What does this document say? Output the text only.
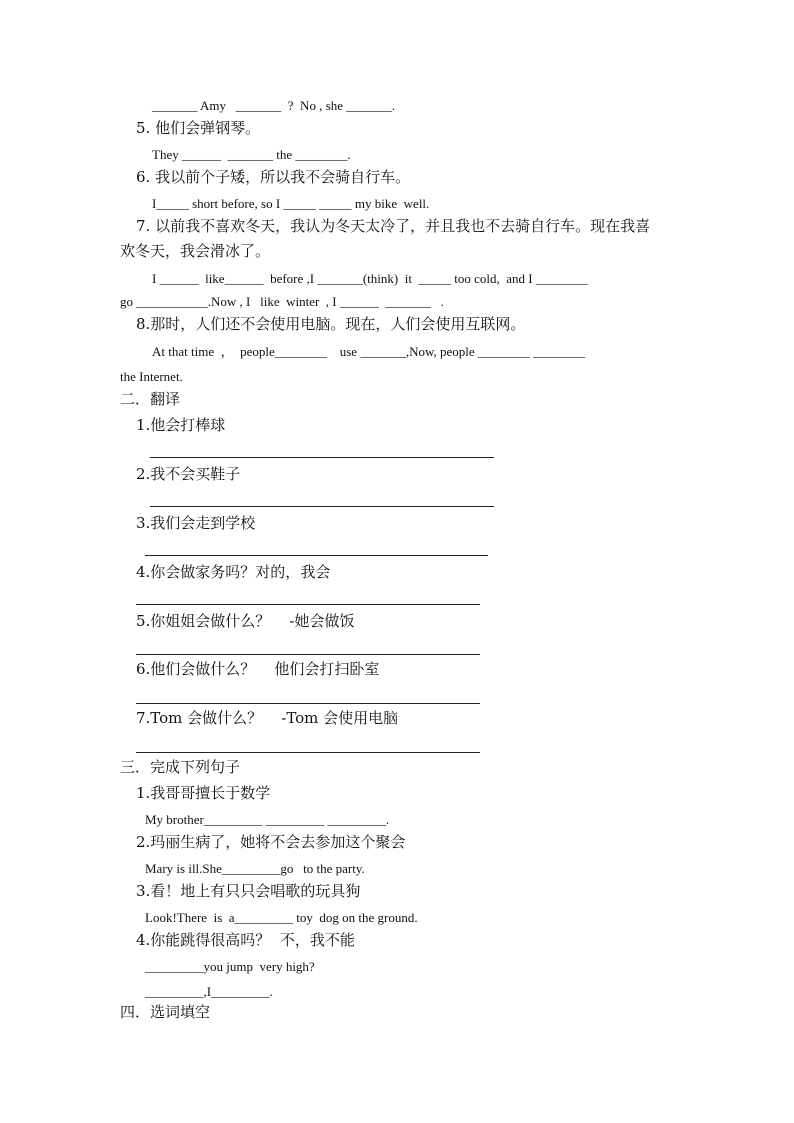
_______ Amy   _______  ?  No , she _______.
5. 他们会弹钢琴。
They ______  _______ the ________.
6. 我以前个子矮，所以我不会骑自行车。
I_____ short before, so I _____ _____ my bike  well.
7. 以前我不喜欢冬天，我认为冬天太冷了，并且我也不去骑自行车。现在我喜
欢冬天，我会滑冰了。
I ______  like______  before ,I _______(think)  it  _____ too cold,  and I ________
go ___________.Now , I   like  winter  , I ______  _______   .
8.那时，人们还不会使用电脑。现在，人们会使用互联网。
At that time  ，  people________    use _______,Now, people ________ ________
the Internet.
二．翻译
1.他会打棒球
2.我不会买鞋子
3.我们会走到学校
4.你会做家务吗？对的，我会
5.你姐姐会做什么？    -她会做饭
6.他们会做什么？    他们会打扫卧室
7.Tom 会做什么？    -Tom 会使用电脑
三．完成下列句子
1.我哥哥擅长于数学
My brother_________ _________ _________.
2.玛丽生病了，她将不会去参加这个聚会
Mary is ill.She_________go   to the party.
3.看！地上有只只会唱歌的玩具狗
Look!There  is  a_________ toy  dog on the ground.
4.你能跳得很高吗？  不，我不能
_________you jump  very high?
_________,I_________.
四．选词填空
